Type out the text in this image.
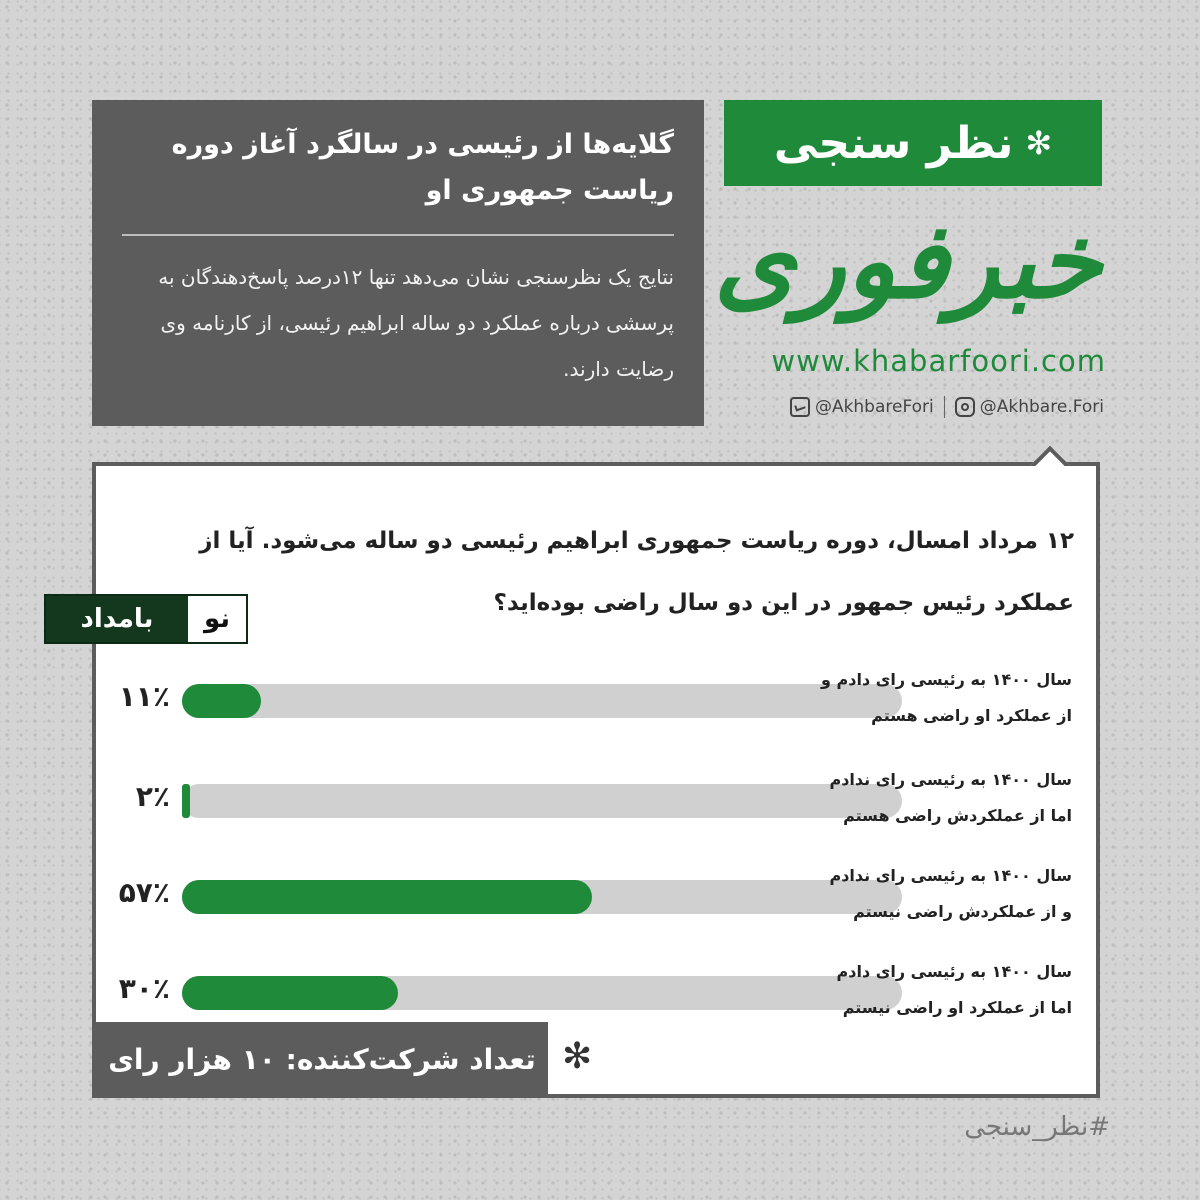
گلایه‌ها از رئیسی در سالگرد آغاز دوره ریاست جمهوری او

نتایج یک نظرسنجی نشان می‌دهد تنها ۱۲درصد پاسخ‌دهندگان به پرسشی درباره عملکرد دو ساله ابراهیم رئیسی، از کارنامه وی رضایت دارند.

✻
نظر سنجی
خبرفوری
www.khabarfoori.com
@AkhbareFori	@Akhbare.Fori

۱۲ مرداد امسال، دوره ریاست جمهوری ابراهیم رئیسی دو ساله می‌شود. آیا از عملکرد رئیس جمهور در این دو سال راضی بوده‌اید؟

بامداد	نو
۱۱٪
سال ۱۴۰۰ به رئیسی رای دادم و
از عملکرد او راضی هستم
۲٪
سال ۱۴۰۰ به رئیسی رای ندادم
اما از عملکردش راضی هستم
۵۷٪
سال ۱۴۰۰ به رئیسی رای ندادم
و از عملکردش راضی نیستم
۳۰٪
سال ۱۴۰۰ به رئیسی رای دادم
اما از عملکرد او راضی نیستم
تعداد شرکت‌کننده: ۱۰ هزار رای ✻
#نظر_سنجی
